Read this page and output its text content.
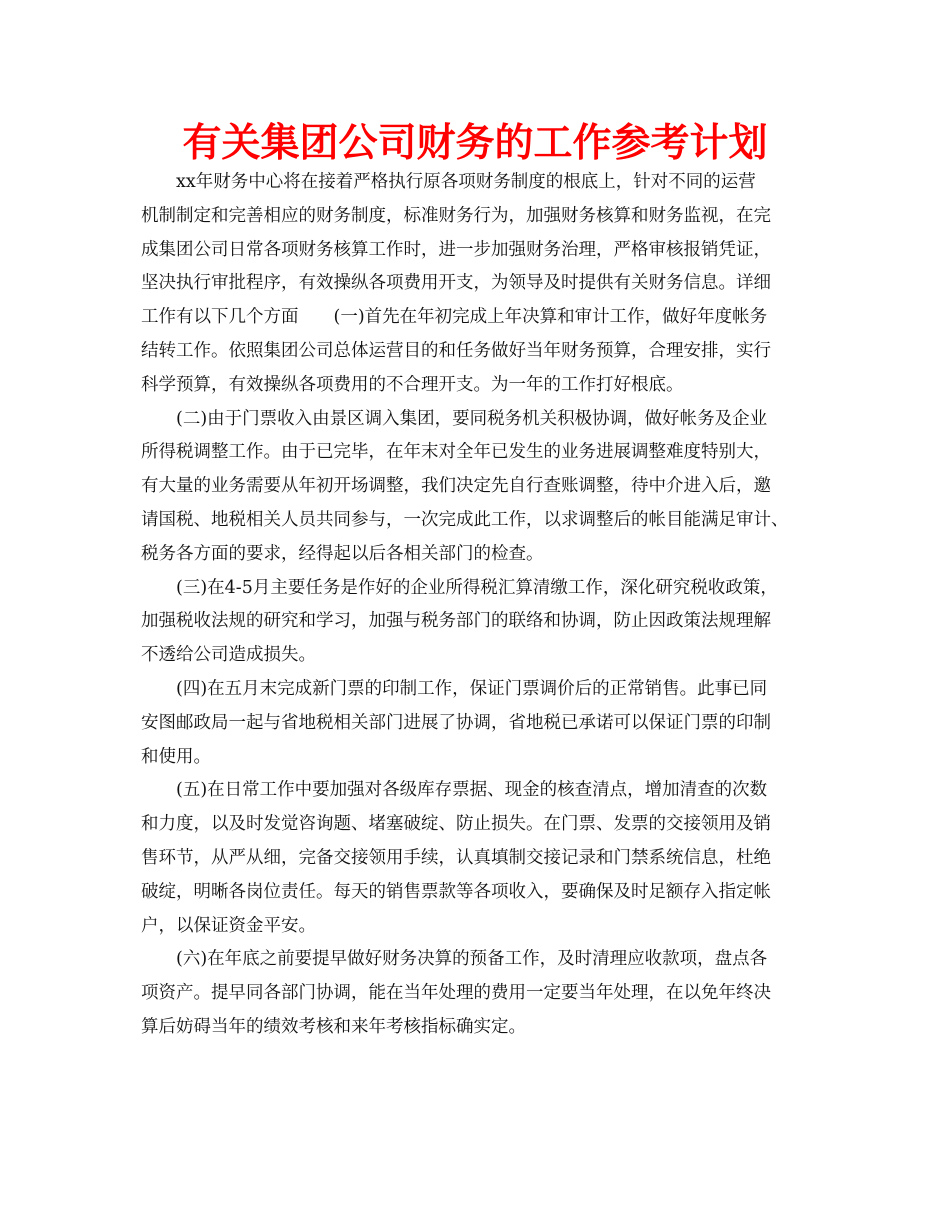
有关集团公司财务的工作参考计划
xx年财务中心将在接着严格执行原各项财务制度的根底上，针对不同的运营
机制制定和完善相应的财务制度，标准财务行为，加强财务核算和财务监视，在完
成集团公司日常各项财务核算工作时，进一步加强财务治理，严格审核报销凭证，
坚决执行审批程序，有效操纵各项费用开支，为领导及时提供有关财务信息。详细
工作有以下几个方面　　(一)首先在年初完成上年决算和审计工作，做好年度帐务
结转工作。依照集团公司总体运营目的和任务做好当年财务预算，合理安排，实行
科学预算，有效操纵各项费用的不合理开支。为一年的工作打好根底。
(二)由于门票收入由景区调入集团，要同税务机关积极协调，做好帐务及企业
所得税调整工作。由于已完毕，在年末对全年已发生的业务进展调整难度特别大，
有大量的业务需要从年初开场调整，我们决定先自行查账调整，待中介进入后，邀
请国税、地税相关人员共同参与，一次完成此工作，以求调整后的帐目能满足审计、
税务各方面的要求，经得起以后各相关部门的检查。
(三)在4-5月主要任务是作好的企业所得税汇算清缴工作，深化研究税收政策，
加强税收法规的研究和学习，加强与税务部门的联络和协调，防止因政策法规理解
不透给公司造成损失。
(四)在五月末完成新门票的印制工作，保证门票调价后的正常销售。此事已同
安图邮政局一起与省地税相关部门进展了协调，省地税已承诺可以保证门票的印制
和使用。
(五)在日常工作中要加强对各级库存票据、现金的核查清点，增加清查的次数
和力度，以及时发觉咨询题、堵塞破绽、防止损失。在门票、发票的交接领用及销
售环节，从严从细，完备交接领用手续，认真填制交接记录和门禁系统信息，杜绝
破绽，明晰各岗位责任。每天的销售票款等各项收入，要确保及时足额存入指定帐
户，以保证资金平安。
(六)在年底之前要提早做好财务决算的预备工作，及时清理应收款项，盘点各
项资产。提早同各部门协调，能在当年处理的费用一定要当年处理，在以免年终决
算后妨碍当年的绩效考核和来年考核指标确实定。
